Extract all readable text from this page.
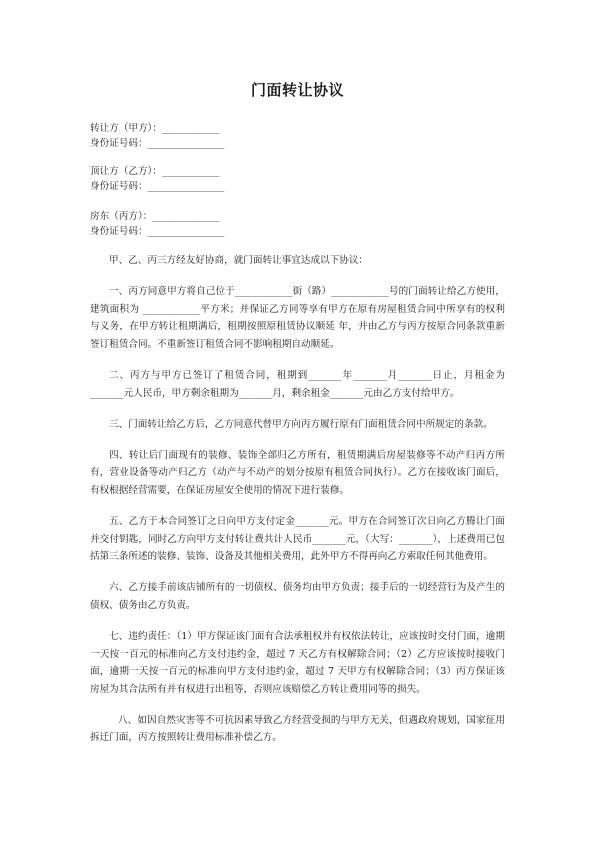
门面转让协议
转让方（甲方）：____________
身份证号码：________________
顶让方（乙方）：____________
身份证号码：________________
房东（丙方）：______________
身份证号码：________________

甲、乙、丙三方经友好协商，就门面转让事宜达成以下协议：

一、丙方同意甲方将自己位于____________街（路）____________号的门面转让给乙方使用，建筑面积为 ____________平方米；并保证乙方同等享有甲方在原有房屋租赁合同中所享有的权利与义务，在甲方转让租期满后，租期按照原租赁协议顺延 年，并由乙方与丙方按原合同条款重新签订租赁合同。不重新签订租赁合同不影响租期自动顺延。

二、丙方与甲方已签订了租赁合同，租期到_______年_______月_______日止，月租金为_______元人民币，甲方剩余租期为_______月，剩余租金_______元由乙方支付给甲方。

三、门面转让给乙方后，乙方同意代替甲方向丙方履行原有门面租赁合同中所规定的条款。

四、转让后门面现有的装修、装饰全部归乙方所有，租赁期满后房屋装修等不动产归丙方所有，营业设备等动产归乙方（动产与不动产的划分按原有租赁合同执行）。乙方在接收该门面后，有权根据经营需要，在保证房屋安全使用的情况下进行装修。

五、乙方于本合同签订之日向甲方支付定金_______元。甲方在合同签订次日向乙方腾让门面并交付钥匙，同时乙方向甲方支付转让费共计人民币_______元，（大写：_______），上述费用已包括第三条所述的装修、装饰、设备及其他相关费用，此外甲方不得再向乙方索取任何其他费用。

六、乙方接手前该店铺所有的一切债权、债务均由甲方负责；接手后的一切经营行为及产生的债权、债务由乙方负责。

七、违约责任：（1）甲方保证该门面有合法承租权并有权依法转让，应该按时交付门面，逾期一天按一百元的标准向乙方支付违约金，超过 7 天乙方有权解除合同；（2）乙方应该按时接收门面，逾期一天按一百元的标准向甲方支付违约金，超过 7 天甲方有权解除合同；（3）丙方保证该房屋为其合法所有并有权进行出租等，否则应该赔偿乙方转让费用同等的损失。

八、如因自然灾害等不可抗因素导致乙方经营受损的与甲方无关，但遇政府规划，国家征用拆迁门面，丙方按照转让费用标准补偿乙方。
